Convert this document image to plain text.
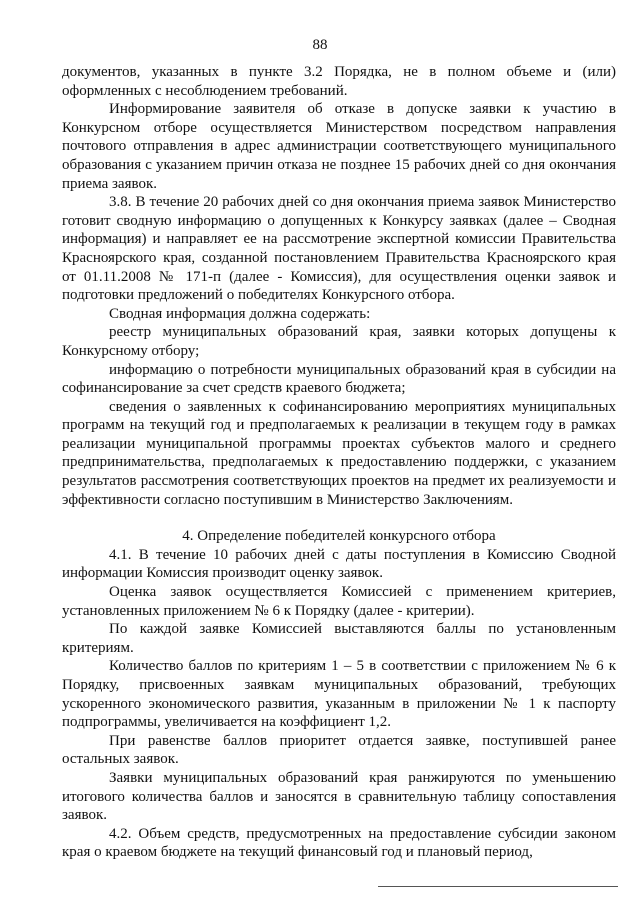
88

документов, указанных в пункте 3.2 Порядка, не в полном объеме и (или) оформленных с несоблюдением требований.

Информирование заявителя об отказе в допуске заявки к участию в Конкурсном отборе осуществляется Министерством посредством направления почтового отправления в адрес администрации соответствующего муниципального образования с указанием причин отказа не позднее 15 рабочих дней со дня окончания приема заявок.

3.8. В течение 20 рабочих дней со дня окончания приема заявок Министерство готовит сводную информацию о допущенных к Конкурсу заявках (далее – Сводная информация) и направляет ее на рассмотрение экспертной комиссии Правительства Красноярского края, созданной постановлением Правительства Красноярского края от 01.11.2008 № 171-п (далее - Комиссия), для осуществления оценки заявок и подготовки предложений о победителях Конкурсного отбора.

Сводная информация должна содержать:

реестр муниципальных образований края, заявки которых допущены к Конкурсному отбору;

информацию о потребности муниципальных образований края в субсидии на софинансирование за счет средств краевого бюджета;

сведения о заявленных к софинансированию мероприятиях муниципальных программ на текущий год и предполагаемых к реализации в текущем году в рамках реализации муниципальной программы проектах субъектов малого и среднего предпринимательства, предполагаемых к предоставлению поддержки, с указанием результатов рассмотрения соответствующих проектов на предмет их реализуемости и эффективности согласно поступившим в Министерство Заключениям.

4. Определение победителей конкурсного отбора

4.1. В течение 10 рабочих дней с даты поступления в Комиссию Сводной информации Комиссия производит оценку заявок.

Оценка заявок осуществляется Комиссией с применением критериев, установленных приложением № 6 к Порядку (далее - критерии).

По каждой заявке Комиссией выставляются баллы по установленным критериям.

Количество баллов по критериям 1 – 5 в соответствии с приложением № 6 к Порядку, присвоенных заявкам муниципальных образований, требующих ускоренного экономического развития, указанным в приложении № 1 к паспорту подпрограммы, увеличивается на коэффициент 1,2.

При равенстве баллов приоритет отдается заявке, поступившей ранее остальных заявок.

Заявки муниципальных образований края ранжируются по уменьшению итогового количества баллов и заносятся в сравнительную таблицу сопоставления заявок.

4.2. Объем средств, предусмотренных на предоставление субсидии законом края о краевом бюджете на текущий финансовый год и плановый период,
